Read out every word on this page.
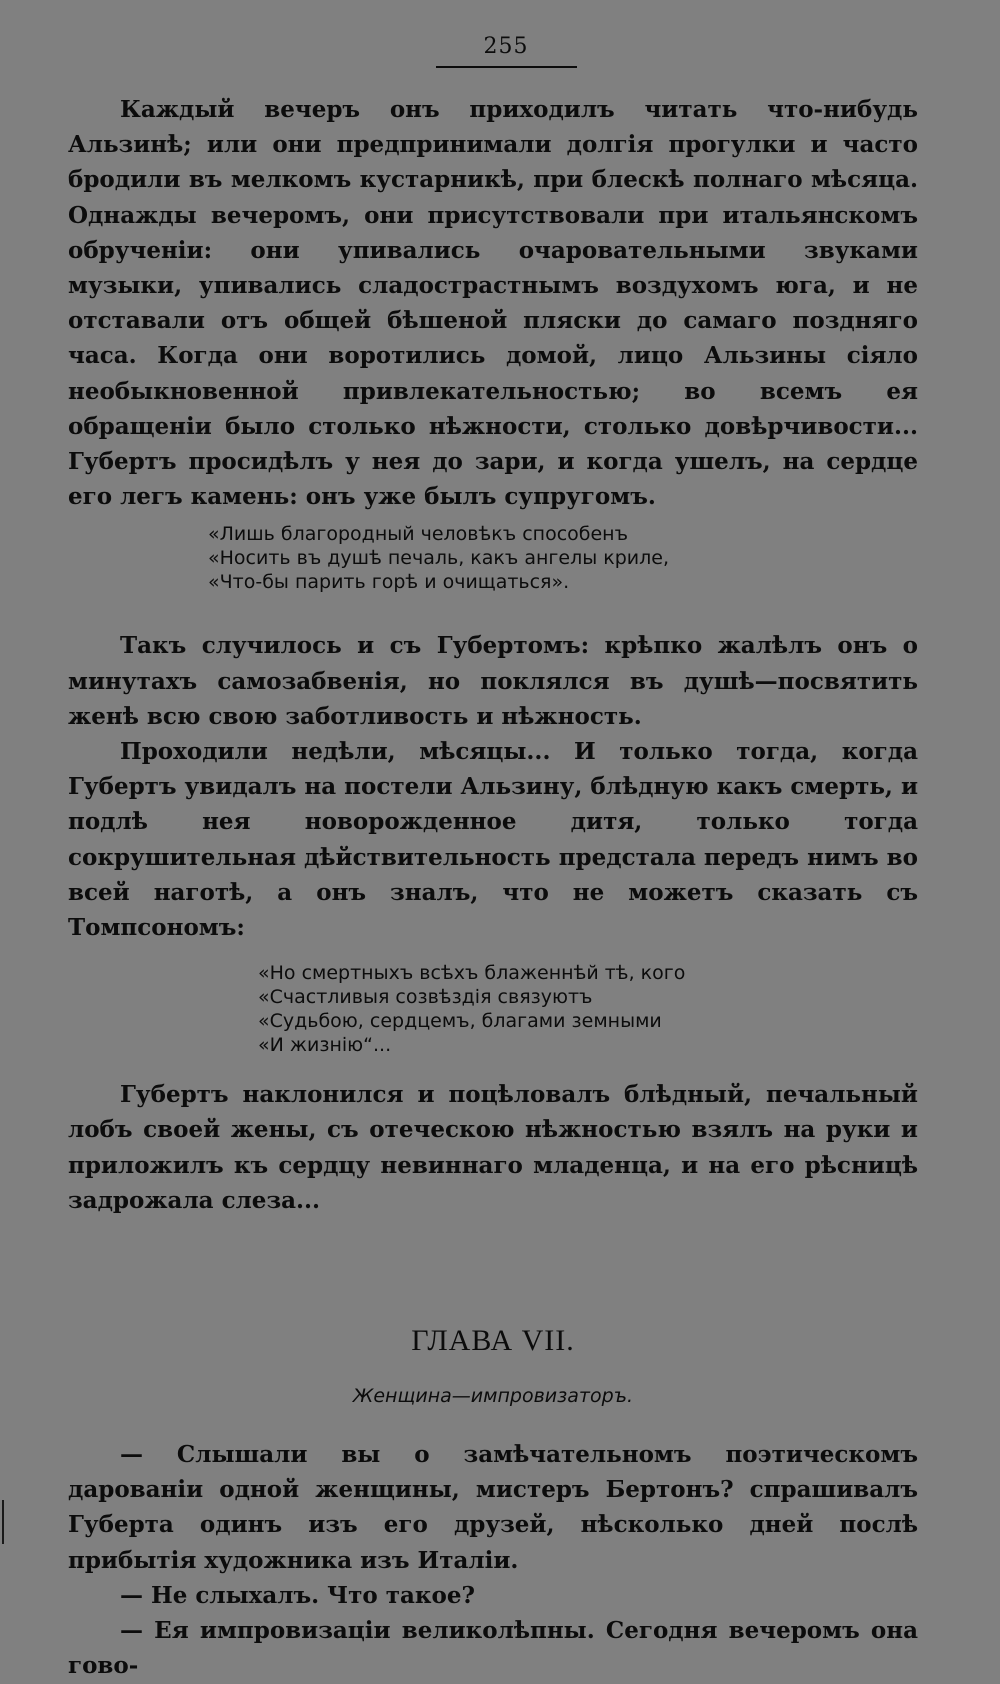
255

Каждый вечеръ онъ приходилъ читать что-нибудь Альзинѣ; или они предпринимали долгія прогулки и часто бродили въ мелкомъ кустарникѣ, при блескѣ полнаго мѣсяца. Однажды вечеромъ, они присутствовали при итальянскомъ обрученіи: они упивались очаровательными звуками музыки, упивались сладострастнымъ воздухомъ юга, и не отставали отъ общей бѣшеной пляски до самаго поздняго часа. Когда они воротились домой, лицо Альзины сіяло необыкновенной привлекательностью; во всемъ ея обращеніи было столько нѣжности, столько довѣрчивости... Губертъ просидѣлъ у нея до зари, и когда ушелъ, на сердце его легъ камень: онъ уже былъ супругомъ.

«Лишь благородный человѣкъ способенъ
«Носить въ душѣ печаль, какъ ангелы криле,
«Что-бы парить горѣ и очищаться».

Такъ случилось и съ Губертомъ: крѣпко жалѣлъ онъ о минутахъ самозабвенія, но поклялся въ душѣ—посвятить женѣ всю свою заботливость и нѣжность.

Проходили недѣли, мѣсяцы... И только тогда, когда Губертъ увидалъ на постели Альзину, блѣдную какъ смерть, и подлѣ нея новорожденное дитя, только тогда сокрушительная дѣйствительность предстала передъ нимъ во всей наготѣ, а онъ зналъ, что не можетъ сказать съ Томпсономъ:

«Но смертныхъ всѣхъ блаженнѣй тѣ, кого
«Счастливыя созвѣздія связуютъ
«Судьбою, сердцемъ, благами земными
«И жизнію“...

Губертъ наклонился и поцѣловалъ блѣдный, печальный лобъ своей жены, съ отеческою нѣжностью взялъ на руки и приложилъ къ сердцу невиннаго младенца, и на его рѣсницѣ задрожала слеза...

ГЛАВА VII.
Женщина—импровизаторъ.

— Слышали вы о замѣчательномъ поэтическомъ дарованіи одной женщины, мистеръ Бертонъ? спрашивалъ Губерта одинъ изъ его друзей, нѣсколько дней послѣ прибытія художника изъ Италіи.

— Не слыхалъ. Что такое?

— Ея импровизаціи великолѣпны. Сегодня вечеромъ она гово-
